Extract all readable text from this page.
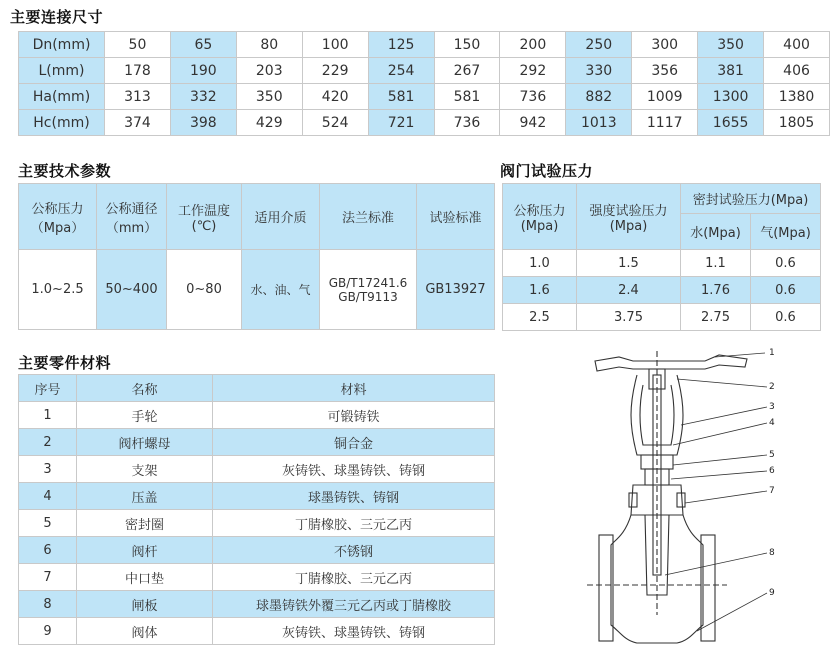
主要连接尺寸
Dn(mm)	50	65	80	100	125	150	200	250	300	350	400
L(mm)	178	190	203	229	254	267	292	330	356	381	406
Ha(mm)	313	332	350	420	581	581	736	882	1009	1300	1380
Hc(mm)	374	398	429	524	721	736	942	1013	1117	1655	1805
主要技术参数
公称压力（Mpa）	公称通径（mm）	工作温度(℃)	适用介质	法兰标准	试验标准
1.0~2.5	50~400	0~80	水、油、气	GB/T17241.6 GB/T9113	GB13927
阀门试验压力
公称压力(Mpa)	强度试验压力(Mpa)	密封试验压力(Mpa)	
		水(Mpa)	气(Mpa)
1.0	1.5	1.1	0.6
1.6	2.4	1.76	0.6
2.5	3.75	2.75	0.6
主要零件材料
序号	名称	材料
1	手轮	可锻铸铁
2	阀杆螺母	铜合金
3	支架	灰铸铁、球墨铸铁、铸钢
4	压盖	球墨铸铁、铸钢
5	密封圈	丁腈橡胶、三元乙丙
6	阀杆	不锈钢
7	中口垫	丁腈橡胶、三元乙丙
8	闸板	球墨铸铁外覆三元乙丙或丁腈橡胶
9	阀体	灰铸铁、球墨铸铁、铸钢
1
2
3
4
5
6
7
8
9
